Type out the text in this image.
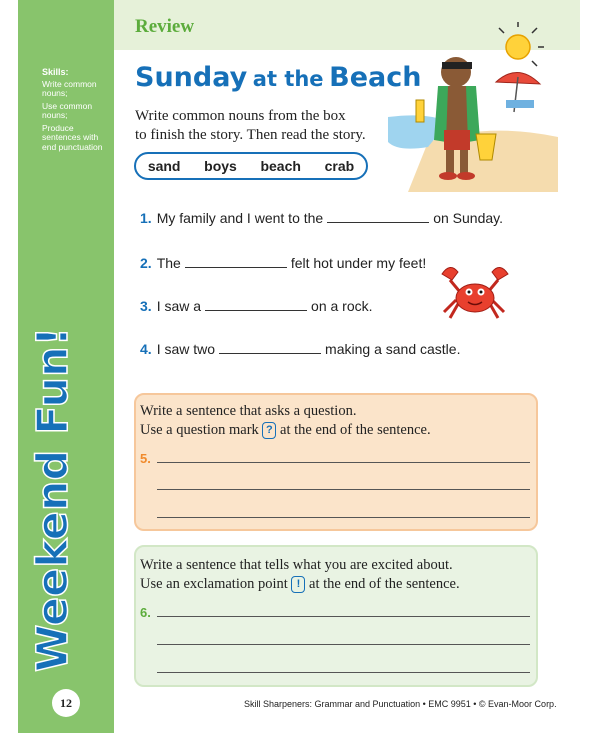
Review
Skills:
Write common nouns;
Use common nouns;
Produce sentences with end punctuation
Weekend Fun!
12
Sunday at the Beach
Write common nouns from the box
to finish the story. Then read the story.
sand boys beach crab
1. My family and I went to the	on Sunday.
2. The	felt hot under my feet!
3. I saw a	on a rock.
4. I saw two	making a sand castle.
Write a sentence that asks a question.
Use a question mark ? at the end of the sentence.
5.
Write a sentence that tells what you are excited about.
Use an exclamation point ! at the end of the sentence.
6.
Skill Sharpeners: Grammar and Punctuation • EMC 9951 • © Evan-Moor Corp.
